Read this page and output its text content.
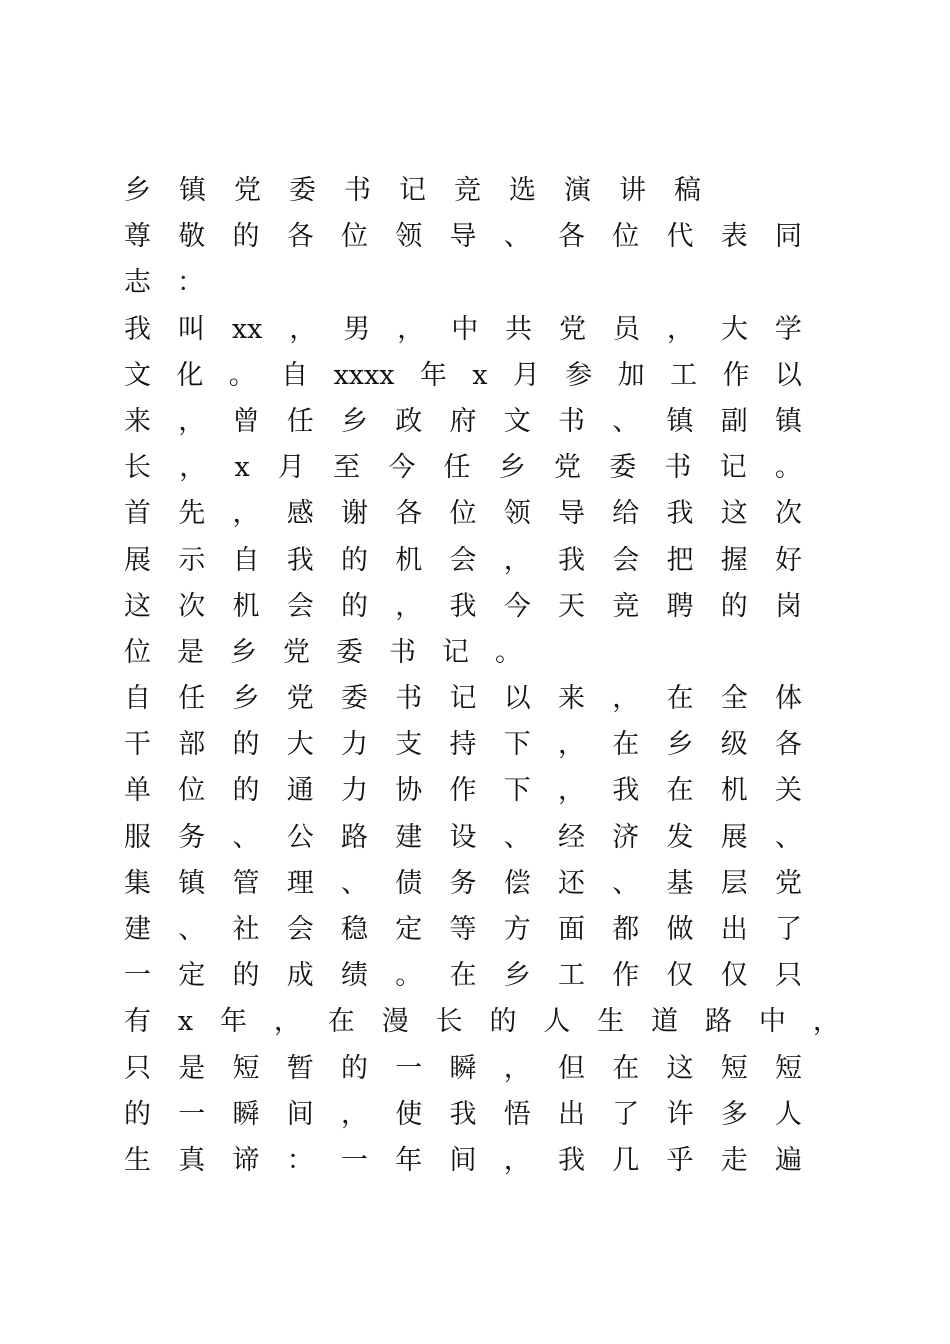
乡 镇 党 委 书 记 竞 选 演 讲 稿
尊 敬 的 各 位 领 导 、 各 位 代 表 同
志 ：
我 叫 xx ， 男 ， 中 共 党 员 ， 大 学
文 化 。 自 xxxx 年 x 月 参 加 工 作 以
来 ， 曾 任 乡 政 府 文 书 、 镇 副 镇
长 ， x 月 至 今 任 乡 党 委 书 记 。
首 先 ， 感 谢 各 位 领 导 给 我 这 次
展 示 自 我 的 机 会 ， 我 会 把 握 好
这 次 机 会 的 ， 我 今 天 竞 聘 的 岗
位 是 乡 党 委 书 记 。
自 任 乡 党 委 书 记 以 来 ， 在 全 体
干 部 的 大 力 支 持 下 ， 在 乡 级 各
单 位 的 通 力 协 作 下 ， 我 在 机 关
服 务 、 公 路 建 设 、 经 济 发 展 、
集 镇 管 理 、 债 务 偿 还 、 基 层 党
建 、 社 会 稳 定 等 方 面 都 做 出 了
一 定 的 成 绩 。 在 乡 工 作 仅 仅 只
有 x 年 ， 在 漫 长 的 人 生 道 路 中 ，
只 是 短 暂 的 一 瞬 ， 但 在 这 短 短
的 一 瞬 间 ， 使 我 悟 出 了 许 多 人
生 真 谛 ： 一 年 间 ， 我 几 乎 走 遍
